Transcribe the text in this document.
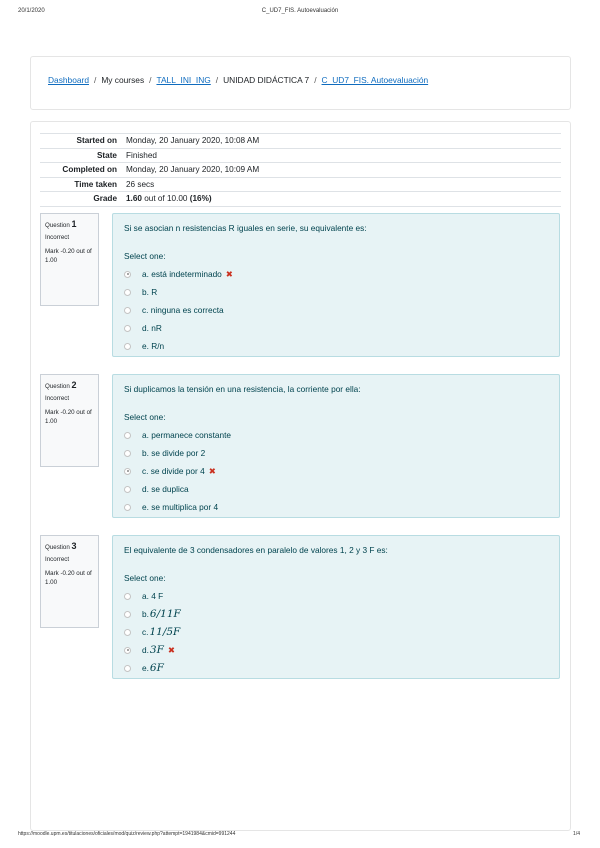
20/1/2020	C_UD7_FIS. Autoevaluación
Dashboard / My courses / TALL_INI_ING / UNIDAD DIDÁCTICA 7 / C_UD7_FIS. Autoevaluación
Started on	Monday, 20 January 2020, 10:08 AM
State	Finished
Completed on	Monday, 20 January 2020, 10:09 AM
Time taken	26 secs
Grade	1.60 out of 10.00 (16%)
Question 1
Incorrect
Mark -0.20 out of 1.00
Si se asocian n resistencias R iguales en serie, su equivalente es:
Select one:
a. está indeterminado ✖
b. R
c. ninguna es correcta
d. nR
e. R/n
Question 2
Incorrect
Mark -0.20 out of 1.00
Si duplicamos la tensión en una resistencia, la corriente por ella:
Select one:
a. permanece constante
b. se divide por 2
c. se divide por 4 ✖
d. se duplica
e. se multiplica por 4
Question 3
Incorrect
Mark -0.20 out of 1.00
El equivalente de 3 condensadores en paralelo de valores 1, 2 y 3 F es:
Select one:
a. 4 F
b. 6/11F
c. 11/5F
d. 3F ✖
e. 6F
https://moodle.upm.es/titulaciones/oficiales/mod/quiz/review.php?attempt=1941984&cmid=991244	1/4
